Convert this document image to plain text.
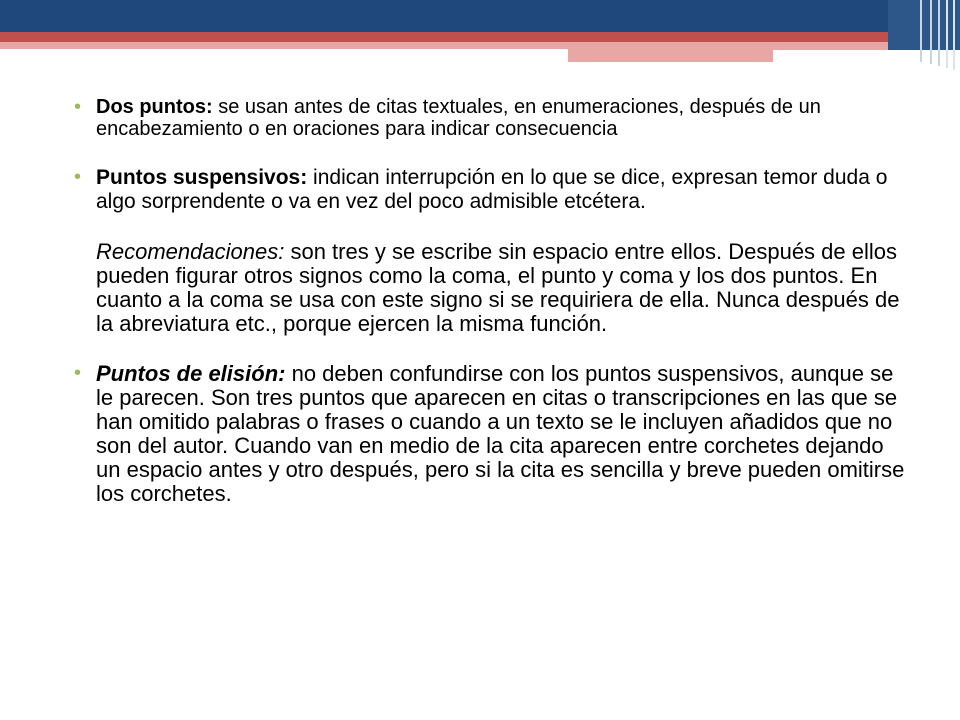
• Dos puntos: se usan antes de citas textuales, en enumeraciones, después de un encabezamiento o en oraciones para indicar consecuencia

• Puntos suspensivos: indican interrupción en lo que se dice, expresan temor duda o algo sorprendente o va en vez del poco admisible etcétera.

Recomendaciones: son tres y se escribe sin espacio entre ellos. Después de ellos pueden figurar otros signos como la coma, el punto y coma y los dos puntos. En cuanto a la coma se usa con este signo si se requiriera de ella. Nunca después de la abreviatura etc., porque ejercen la misma función.

• Puntos de elisión: no deben confundirse con los puntos suspensivos, aunque se le parecen. Son tres puntos que aparecen en citas o transcripciones en las que se han omitido palabras o frases o cuando a un texto se le incluyen añadidos que no son del autor. Cuando van en medio de la cita aparecen entre corchetes dejando un espacio antes y otro después, pero si la cita es sencilla y breve pueden omitirse los corchetes.
